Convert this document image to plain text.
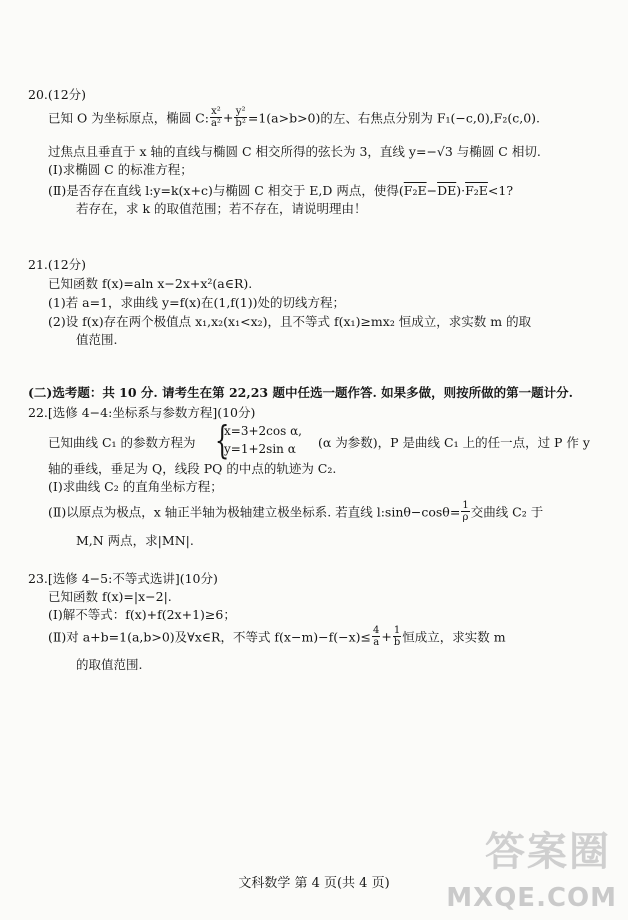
20.(12分)
已知 O 为坐标原点，椭圆 C: $\frac{\text{x²}}{\text{a²}} + \frac{\text{y²}}{\text{b²}} =1(a>b>0)$的左、右焦点分别为 F₁(−c,0),F₂(c,0).
过焦点且垂直于 x 轴的直线与椭圆 C 相交所得的弦长为 3，直线 y=−√3 与椭圆 C 相切.
(Ⅰ)求椭圆 C 的标准方程；
(Ⅱ)是否存在直线 l:y=k(x+c)与椭圆 C 相交于 E,D 两点，使得$(F_2E-\overline{DE})\cdot F_2E<1$?
若存在，求 k 的取值范围；若不存在，请说明理由！
21.(12分)
已知函数 f(x)=aln x−2x+x²(a∈R).
(1)若 a=1，求曲线 y=f(x)在(1,f(1))处的切线方程；
(2)设 f(x)存在两个极值点 x₁,x₂(x₁<x₂)，且不等式 f(x₁)≥mx₂ 恒成立，求实数 m 的取
值范围.
(二)选考题：共 10 分. 请考生在第 22,23 题中任选一题作答. 如果多做，则按所做的第一题计分.
22.[选修 4−4:坐标系与参数方程](10分)
已知曲线 C₁ 的参数方程为 {
x=3+2cos α,
y=1+2sin α (α 为参数)，P 是曲线 C₁ 上的任一点，过 P 作 y
轴的垂线，垂足为 Q，线段 PQ 的中点的轨迹为 C₂.
(Ⅰ)求曲线 C₂ 的直角坐标方程；
(Ⅱ)以原点为极点，x 轴正半轴为极轴建立极坐标系. 若直线 l:sinθ−cosθ= $\frac{1}{\rho}$ 交曲线 C₂ 于
M,N 两点，求|MN|.
23.[选修 4−5:不等式选讲](10分)
已知函数 f(x)=|x−2|.
(Ⅰ)解不等式：f(x)+f(2x+1)≥6；
(Ⅱ)对 a+b=1(a,b>0)及∀x∈R，不等式 $f(x-m)-f(-x)\le \frac{4}{a} + \frac{1}{b}$ 恒成立，求实数 m
的取值范围.
答案圈
MXQE.COM
文科数学 第 4 页(共 4 页)
